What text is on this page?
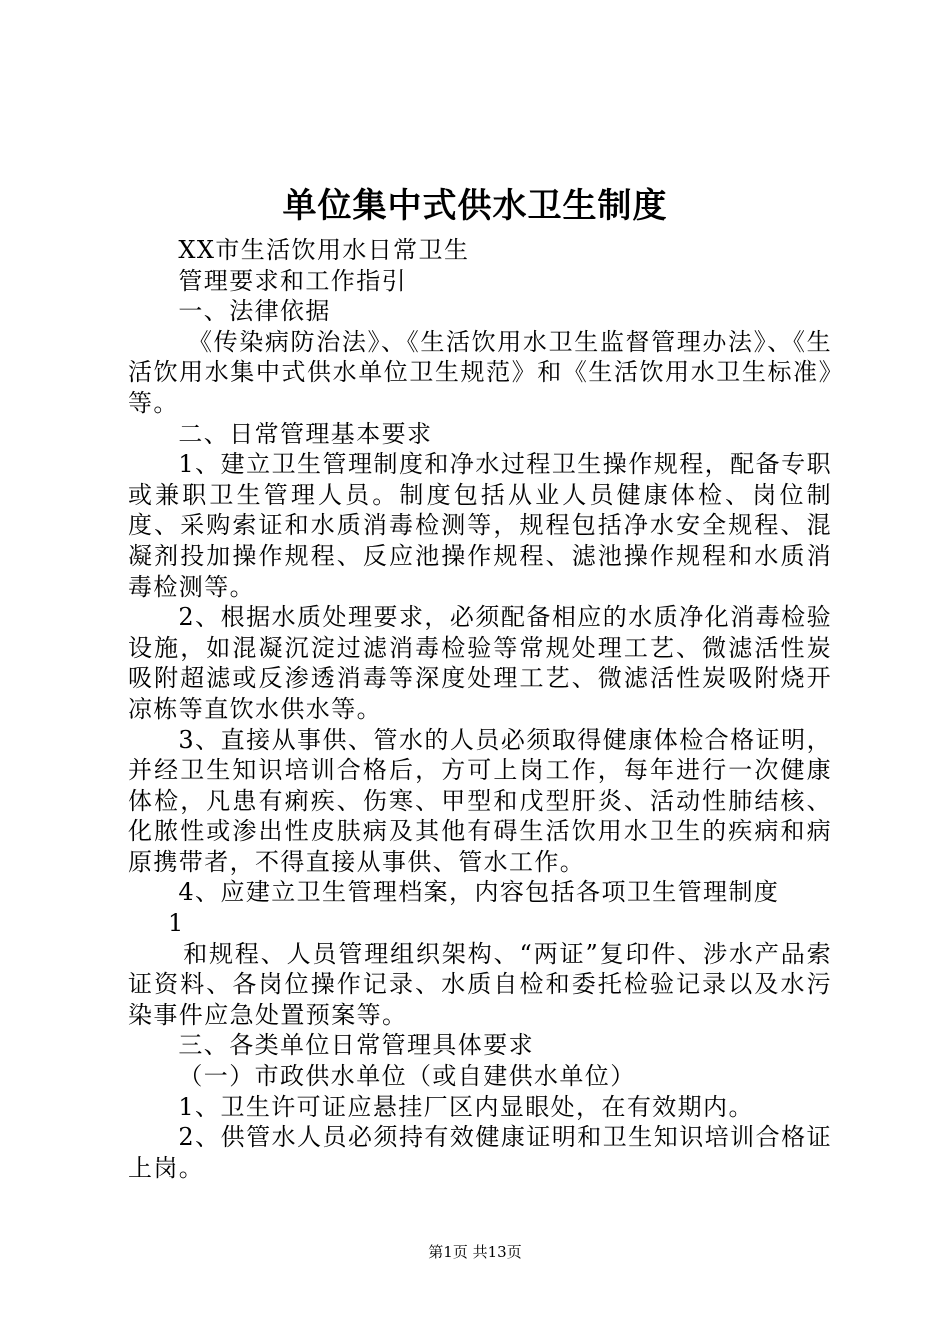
单位集中式供水卫生制度

XX市生活饮用水日常卫生

管理要求和工作指引

一、法律依据

《传染病防治法》、《生活饮用水卫生监督管理办法》、《生活饮用水集中式供水单位卫生规范》和《生活饮用水卫生标准》等。

二、日常管理基本要求

1、建立卫生管理制度和净水过程卫生操作规程，配备专职或兼职卫生管理人员。制度包括从业人员健康体检、岗位制度、采购索证和水质消毒检测等，规程包括净水安全规程、混凝剂投加操作规程、反应池操作规程、滤池操作规程和水质消毒检测等。

2、根据水质处理要求，必须配备相应的水质净化消毒检验设施，如混凝沉淀过滤消毒检验等常规处理工艺、微滤活性炭吸附超滤或反渗透消毒等深度处理工艺、微滤活性炭吸附烧开凉栋等直饮水供水等。

3、直接从事供、管水的人员必须取得健康体检合格证明，并经卫生知识培训合格后，方可上岗工作，每年进行一次健康体检，凡患有痢疾、伤寒、甲型和戊型肝炎、活动性肺结核、化脓性或渗出性皮肤病及其他有碍生活饮用水卫生的疾病和病原携带者，不得直接从事供、管水工作。

4、应建立卫生管理档案，内容包括各项卫生管理制度

1

和规程、人员管理组织架构、“两证”复印件、涉水产品索证资料、各岗位操作记录、水质自检和委托检验记录以及水污染事件应急处置预案等。

三、各类单位日常管理具体要求

（一）市政供水单位（或自建供水单位）

1、卫生许可证应悬挂厂区内显眼处，在有效期内。

2、供管水人员必须持有效健康证明和卫生知识培训合格证上岗。

第1页 共13页
